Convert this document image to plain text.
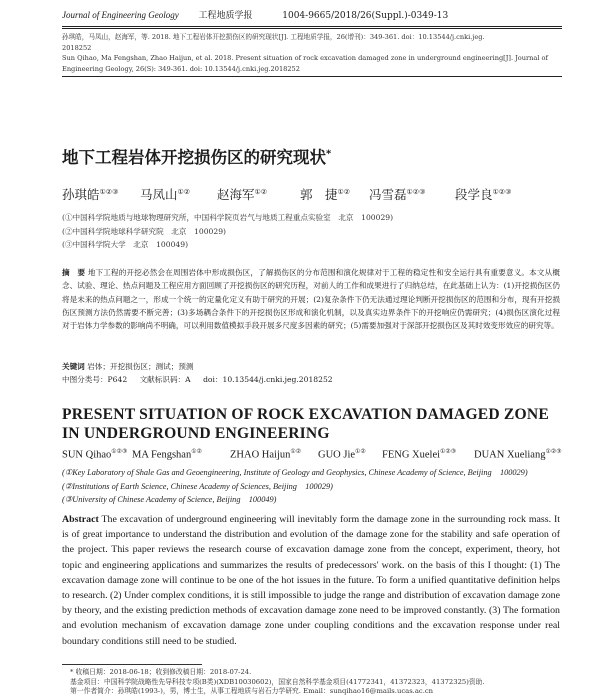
Journal of Engineering Geology 工程地质学报	1004-9665/2018/26(Suppl.)-0349-13
孙琪皓，马凤山，赵海军，等. 2018. 地下工程岩体开挖损伤区的研究现状[J]. 工程地质学报，26(增刊)：349-361. doi：10.13544/j.cnki.jeg.
2018252
Sun Qihao, Ma Fengshan, Zhao Haijun, et al. 2018. Present situation of rock excavation damaged zone in underground engineering[J]. Journal of
Engineering Geology, 26(S): 349-361. doi: 10.13544/j.cnki.jeg.2018252
地下工程岩体开挖损伤区的研究现状*
孙琪皓①②③ 马凤山①② 赵海军①②	郭　捷①② 冯雪磊①②③ 段学良①②③
(①中国科学院地质与地球物理研究所，中国科学院页岩气与地质工程重点实验室　北京　100029)
(②中国科学院地球科学研究院　北京　100029)
(③中国科学院大学　北京　100049)
摘　要 地下工程的开挖必然会在周围岩体中形成损伤区，了解损伤区的分布范围和演化规律对于工程的稳定性和安全运行具有重要意义。本文从概念、试验、理论、热点问题及工程应用方面回顾了开挖损伤区的研究历程，对前人的工作和成果进行了归纳总结，在此基础上认为：(1)开挖损伤区仍将是未来的热点问题之一，形成一个统一的定量化定义有助于研究的开展；(2)复杂条件下仍无法通过理论判断开挖损伤区的范围和分布，现有开挖损伤区预测方法仍然需要不断完善；(3)多场耦合条件下的开挖损伤区形成和演化机制，以及真实边界条件下的开挖响应仍需研究；(4)损伤区演化过程对于岩体力学参数的影响尚不明确，可以利用数值模拟手段开展多尺度多因素的研究；(5)需要加强对于深部开挖损伤区及其时效变形效应的研究等。
关键词 岩体；开挖损伤区；测试；预测
中图分类号：P642 文献标识码：A doi：10.13544/j.cnki.jeg.2018252
PRESENT SITUATION OF ROCK EXCAVATION DAMAGED ZONE IN UNDERGROUND ENGINEERING
SUN Qihao①②③ MA Fengshan①②	ZHAO Haijun①② GUO Jie①② FENG Xuelei①②③ DUAN Xueliang①②③
(①Key Laboratory of Shale Gas and Geoengineering, Institute of Geology and Geophysics, Chinese Academy of Science, Beijing　100029)
(②Institutions of Earth Science, Chinese Academy of Sciences, Beijing　100029)
(③University of Chinese Academy of Science, Beijing　100049)
Abstract The excavation of underground engineering will inevitably form the damage zone in the surrounding rock mass. It is of great importance to understand the distribution and evolution of the damage zone for the stability and safe operation of the project. This paper reviews the research course of excavation damage zone from the concept, experiment, theory, hot topic and engineering applications and summarizes the results of predecessors' work. on the basis of this I thought: (1) The excavation damage zone will continue to be one of the hot issues in the future. To form a unified quantitative definition helps to research. (2) Under complex conditions, it is still impossible to judge the range and distribution of excavation damage zone by theory, and the existing prediction methods of excavation damage zone need to be improved constantly. (3) The formation and evolution mechanism of excavation damage zone under coupling conditions and the excavation response under real boundary conditions still need to be studied.
* 收稿日期：2018-06-18；收到修改稿日期：2018-07-24.
基金项目：中国科学院战略性先导科技专项(B类)(XDB10030602)，国家自然科学基金项目(41772341，41372323，41372325)资助.
第一作者简介：孙琪皓(1993-)，男，博士生，从事工程地质与岩石力学研究. Email：sunqihao16@mails.ucas.ac.cn
